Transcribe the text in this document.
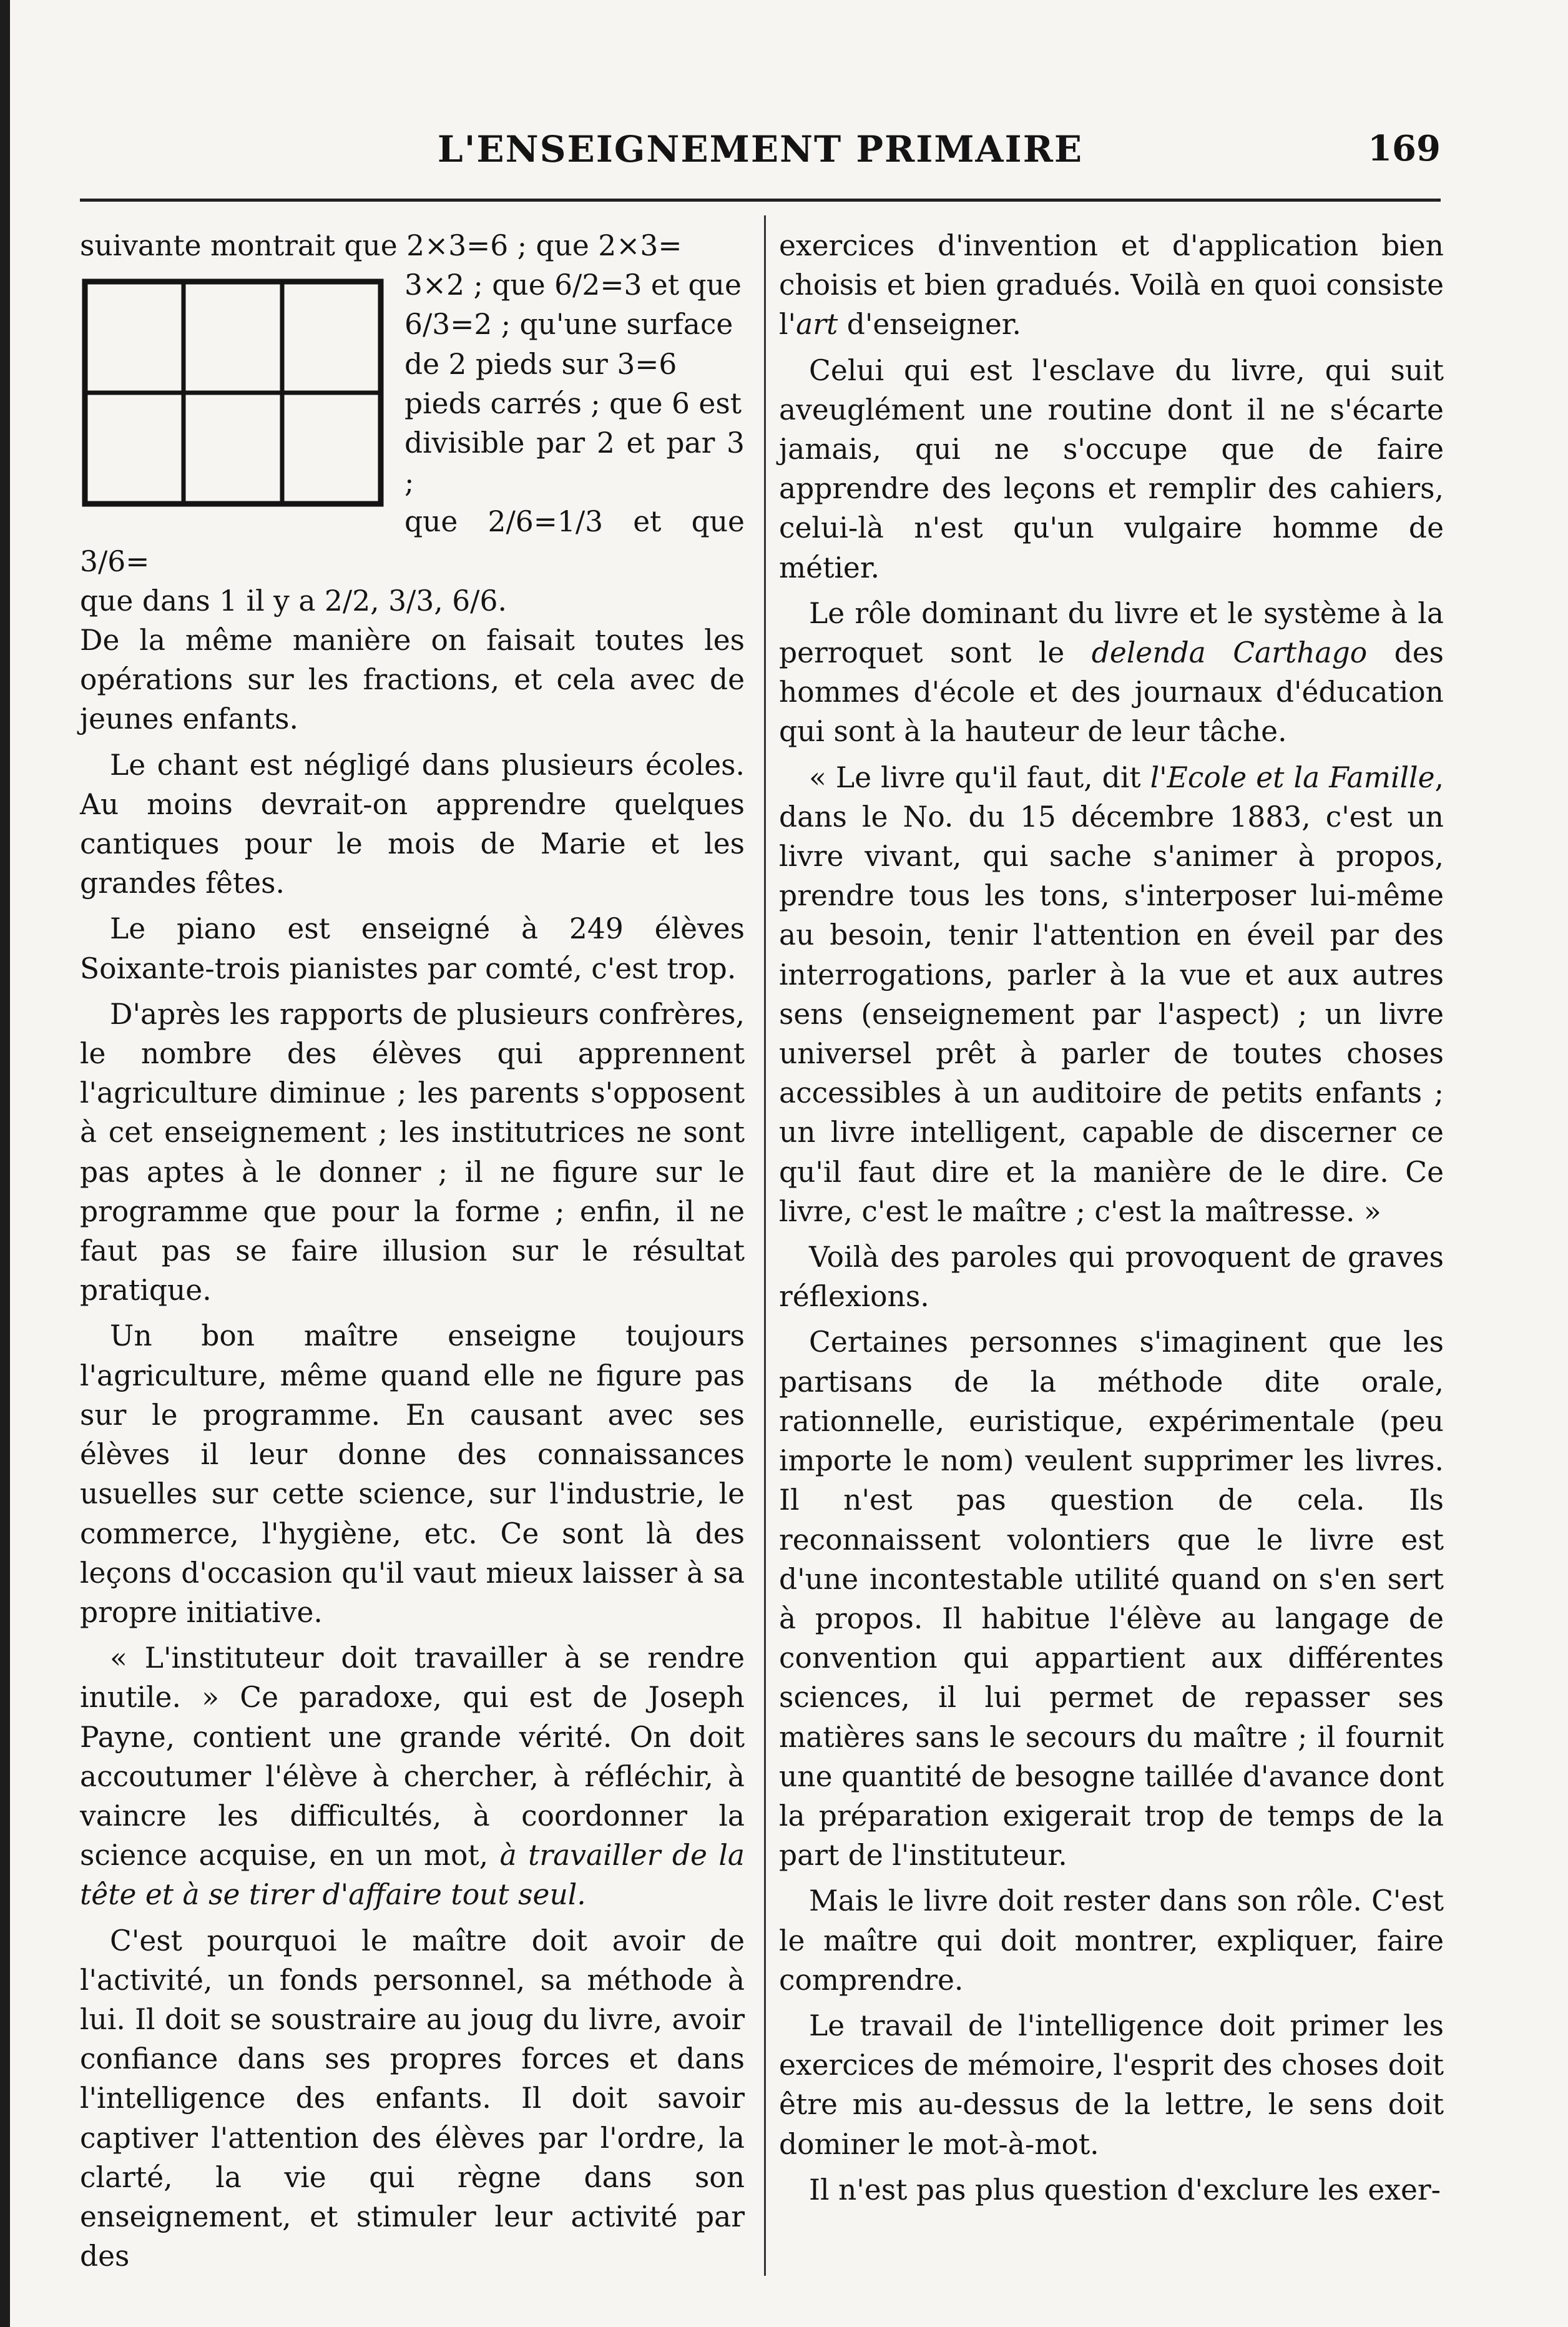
L'ENSEIGNEMENT PRIMAIRE	169

suivante montrait que 2×3=6 ; que 2×3=

3×2 ; que 6/2=3 et que
6/3=2 ; qu'une surface
de 2 pieds sur 3=6
pieds carrés ; que 6 est
divisible par 2 et par 3 ;
que 2/6=1/3 et que 3/6=
que dans 1 il y a 2/2, 3/3, 6/6.

De la même manière on faisait toutes les opérations sur les fractions, et cela avec de jeunes enfants.

Le chant est négligé dans plusieurs écoles. Au moins devrait-on apprendre quelques cantiques pour le mois de Marie et les grandes fêtes.

Le piano est enseigné à 249 élèves Soixante-trois pianistes par comté, c'est trop.

D'après les rapports de plusieurs confrères, le nombre des élèves qui apprennent l'agriculture diminue ; les parents s'opposent à cet enseignement ; les institutrices ne sont pas aptes à le donner ; il ne figure sur le programme que pour la forme ; enfin, il ne faut pas se faire illusion sur le résultat pratique.

Un bon maître enseigne toujours l'agriculture, même quand elle ne figure pas sur le programme. En causant avec ses élèves il leur donne des connaissances usuelles sur cette science, sur l'industrie, le commerce, l'hygiène, etc. Ce sont là des leçons d'occasion qu'il vaut mieux laisser à sa propre initiative.

« L'instituteur doit travailler à se rendre inutile. » Ce paradoxe, qui est de Joseph Payne, contient une grande vérité. On doit accoutumer l'élève à chercher, à réfléchir, à vaincre les difficultés, à coordonner la science acquise, en un mot, à travailler de la tête et à se tirer d'affaire tout seul.

C'est pourquoi le maître doit avoir de l'activité, un fonds personnel, sa méthode à lui. Il doit se soustraire au joug du livre, avoir confiance dans ses propres forces et dans l'intelligence des enfants. Il doit savoir captiver l'attention des élèves par l'ordre, la clarté, la vie qui règne dans son enseignement, et stimuler leur activité par des

exercices d'invention et d'application bien choisis et bien gradués. Voilà en quoi consiste l'art d'enseigner.

Celui qui est l'esclave du livre, qui suit aveuglément une routine dont il ne s'écarte jamais, qui ne s'occupe que de faire apprendre des leçons et remplir des cahiers, celui-là n'est qu'un vulgaire homme de métier.

Le rôle dominant du livre et le système à la perroquet sont le delenda Carthago des hommes d'école et des journaux d'éducation qui sont à la hauteur de leur tâche.

« Le livre qu'il faut, dit l'Ecole et la Famille, dans le No. du 15 décembre 1883, c'est un livre vivant, qui sache s'animer à propos, prendre tous les tons, s'interposer lui-même au besoin, tenir l'attention en éveil par des interrogations, parler à la vue et aux autres sens (enseignement par l'aspect) ; un livre universel prêt à parler de toutes choses accessibles à un auditoire de petits enfants ; un livre intelligent, capable de discerner ce qu'il faut dire et la manière de le dire. Ce livre, c'est le maître ; c'est la maîtresse. »

Voilà des paroles qui provoquent de graves réflexions.

Certaines personnes s'imaginent que les partisans de la méthode dite orale, rationnelle, euristique, expérimentale (peu importe le nom) veulent supprimer les livres. Il n'est pas question de cela. Ils reconnaissent volontiers que le livre est d'une incontestable utilité quand on s'en sert à propos. Il habitue l'élève au langage de convention qui appartient aux différentes sciences, il lui permet de repasser ses matières sans le secours du maître ; il fournit une quantité de besogne taillée d'avance dont la préparation exigerait trop de temps de la part de l'instituteur.

Mais le livre doit rester dans son rôle. C'est le maître qui doit montrer, expliquer, faire comprendre.

Le travail de l'intelligence doit primer les exercices de mémoire, l'esprit des choses doit être mis au-dessus de la lettre, le sens doit dominer le mot-à-mot.

Il n'est pas plus question d'exclure les exer-
